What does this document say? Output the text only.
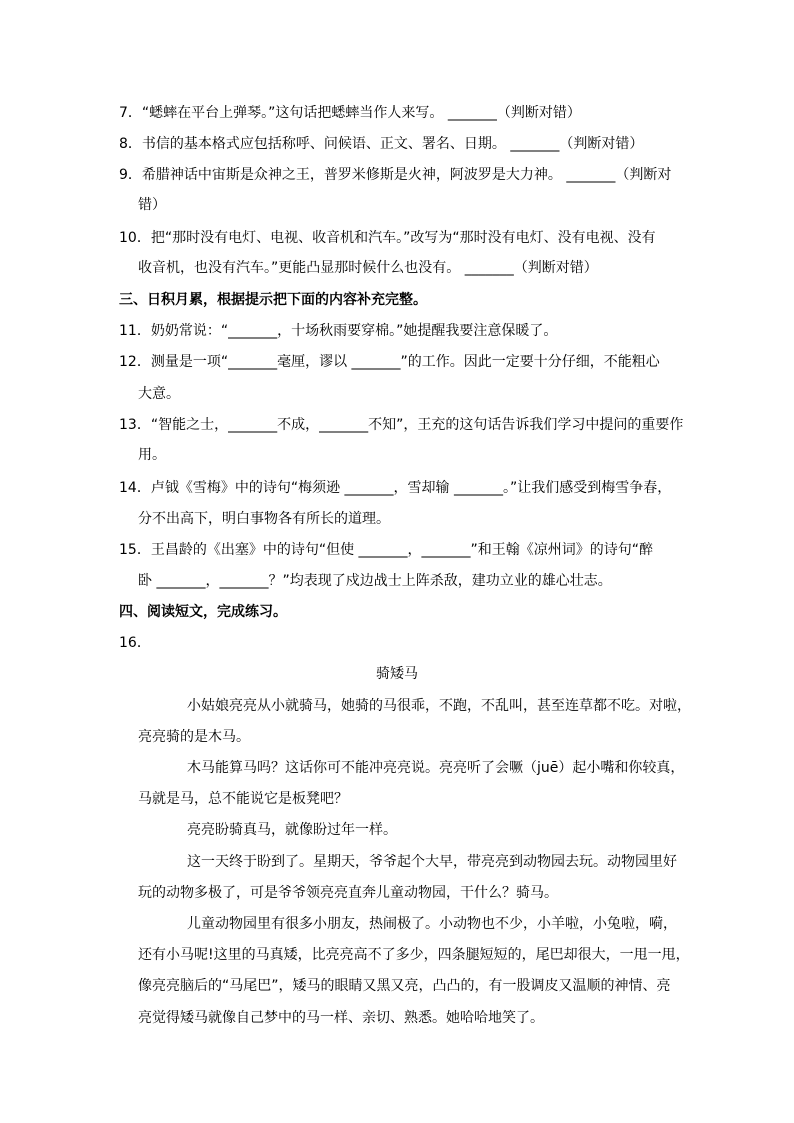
7．“蟋蟀在平台上弹琴。”这句话把蟋蟀当作人来写。 _______（判断对错）
8．书信的基本格式应包括称呼、问候语、正文、署名、日期。 _______（判断对错）
9．希腊神话中宙斯是众神之王，普罗米修斯是火神，阿波罗是大力神。 _______（判断对
错）
10．把“那时没有电灯、电视、收音机和汽车。”改写为“那时没有电灯、没有电视、没有
收音机，也没有汽车。”更能凸显那时候什么也没有。 _______（判断对错）
三、日积月累，根据提示把下面的内容补充完整。
11．奶奶常说：“_______，十场秋雨要穿棉。”她提醒我要注意保暖了。
12．测量是一项“_______毫厘，谬以 _______”的工作。因此一定要十分仔细，不能粗心
大意。
13．“智能之士，_______不成，_______不知”，王充的这句话告诉我们学习中提问的重要作
用。
14．卢钺《雪梅》中的诗句“梅须逊 _______，雪却输 _______。”让我们感受到梅雪争春，
分不出高下，明白事物各有所长的道理。
15．王昌龄的《出塞》中的诗句“但使 _______，_______”和王翰《凉州词》的诗句“醉
卧 _______，_______？”均表现了戍边战士上阵杀敌，建功立业的雄心壮志。
四、阅读短文，完成练习。
16．
骑矮马
小姑娘亮亮从小就骑马，她骑的马很乖，不跑，不乱叫，甚至连草都不吃。对啦，
亮亮骑的是木马。
木马能算马吗？这话你可不能冲亮亮说。亮亮听了会噘（juē）起小嘴和你较真，
马就是马，总不能说它是板凳吧？
亮亮盼骑真马，就像盼过年一样。
这一天终于盼到了。星期天，爷爷起个大早，带亮亮到动物园去玩。动物园里好
玩的动物多极了，可是爷爷领亮亮直奔儿童动物园，干什么？骑马。
儿童动物园里有很多小朋友，热闹极了。小动物也不少，小羊啦，小兔啦，嗬，
还有小马呢!这里的马真矮，比亮亮高不了多少，四条腿短短的，尾巴却很大，一甩一甩，
像亮亮脑后的“马尾巴”，矮马的眼睛又黑又亮，凸凸的，有一股调皮又温顺的神情、亮
亮觉得矮马就像自己梦中的马一样、亲切、熟悉。她哈哈地笑了。
